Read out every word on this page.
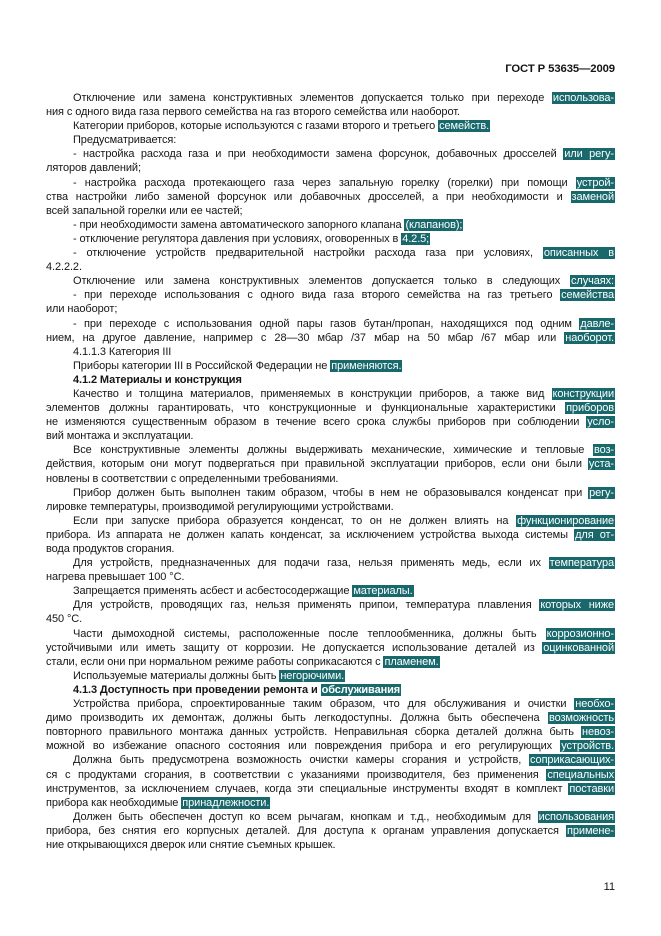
ГОСТ Р 53635—2009
Отключение или замена конструктивных элементов допускается только при переходе использова-
ния с одного вида газа первого семейства на газ второго семейства или наоборот.
Категории приборов, которые используются с газами второго и третьего семейств.
Предусматривается:
- настройка расхода газа и при необходимости замена форсунок, добавочных дросселей или регу-
ляторов давлений;
- настройка расхода протекающего газа через запальную горелку (горелки) при помощи устрой-
ства настройки либо заменой форсунок или добавочных дросселей, а при необходимости и заменой
всей запальной горелки или ее частей;
- при необходимости замена автоматического запорного клапана (клапанов);
- отключение регулятора давления при условиях, оговоренных в 4.2.5;
- отключение устройств предварительной настройки расхода газа при условиях, описанных в
4.2.2.2.
Отключение или замена конструктивных элементов допускается только в следующих случаях:
- при переходе использования с одного вида газа второго семейства на газ третьего семейства
или наоборот;
- при переходе с использования одной пары газов бутан/пропан, находящихся под одним давле-
нием, на другое давление, например с 28—30 мбар /37 мбар на 50 мбар /67 мбар или наоборот.
4.1.1.3 Категория III
Приборы категории III в Российской Федерации не применяются.
4.1.2 Материалы и конструкция
Качество и толщина материалов, применяемых в конструкции приборов, а также вид конструкции
элементов должны гарантировать, что конструкционные и функциональные характеристики приборов
не изменяются существенным образом в течение всего срока службы приборов при соблюдении усло-
вий монтажа и эксплуатации.
Все конструктивные элементы должны выдерживать механические, химические и тепловые воз-
действия, которым они могут подвергаться при правильной эксплуатации приборов, если они были уста-
новлены в соответствии с определенными требованиями.
Прибор должен быть выполнен таким образом, чтобы в нем не образовывался конденсат при регу-
лировке температуры, производимой регулирующими устройствами.
Если при запуске прибора образуется конденсат, то он не должен влиять на функционирование
прибора. Из аппарата не должен капать конденсат, за исключением устройства выхода системы для от-
вода продуктов сгорания.
Для устройств, предназначенных для подачи газа, нельзя применять медь, если их температура
нагрева превышает 100 °С.
Запрещается применять асбест и асбестосодержащие материалы.
Для устройств, проводящих газ, нельзя применять припои, температура плавления которых ниже
450 °С.
Части дымоходной системы, расположенные после теплообменника, должны быть коррозионно-
устойчивыми или иметь защиту от коррозии. Не допускается использование деталей из оцинкованной
стали, если они при нормальном режиме работы соприкасаются с пламенем.
Используемые материалы должны быть негорючими.
4.1.3 Доступность при проведении ремонта и обслуживания
Устройства прибора, спроектированные таким образом, что для обслуживания и очистки необхо-
димо производить их демонтаж, должны быть легкодоступны. Должна быть обеспечена возможность
повторного правильного монтажа данных устройств. Неправильная сборка деталей должна быть невоз-
можной во избежание опасного состояния или повреждения прибора и его регулирующих устройств.
Должна быть предусмотрена возможность очистки камеры сгорания и устройств, соприкасающих-
ся с продуктами сгорания, в соответствии с указаниями производителя, без применения специальных
инструментов, за исключением случаев, когда эти специальные инструменты входят в комплект поставки
прибора как необходимые принадлежности.
Должен быть обеспечен доступ ко всем рычагам, кнопкам и т.д., необходимым для использования
прибора, без снятия его корпусных деталей. Для доступа к органам управления допускается примене-
ние открывающихся дверок или снятие съемных крышек.
11
